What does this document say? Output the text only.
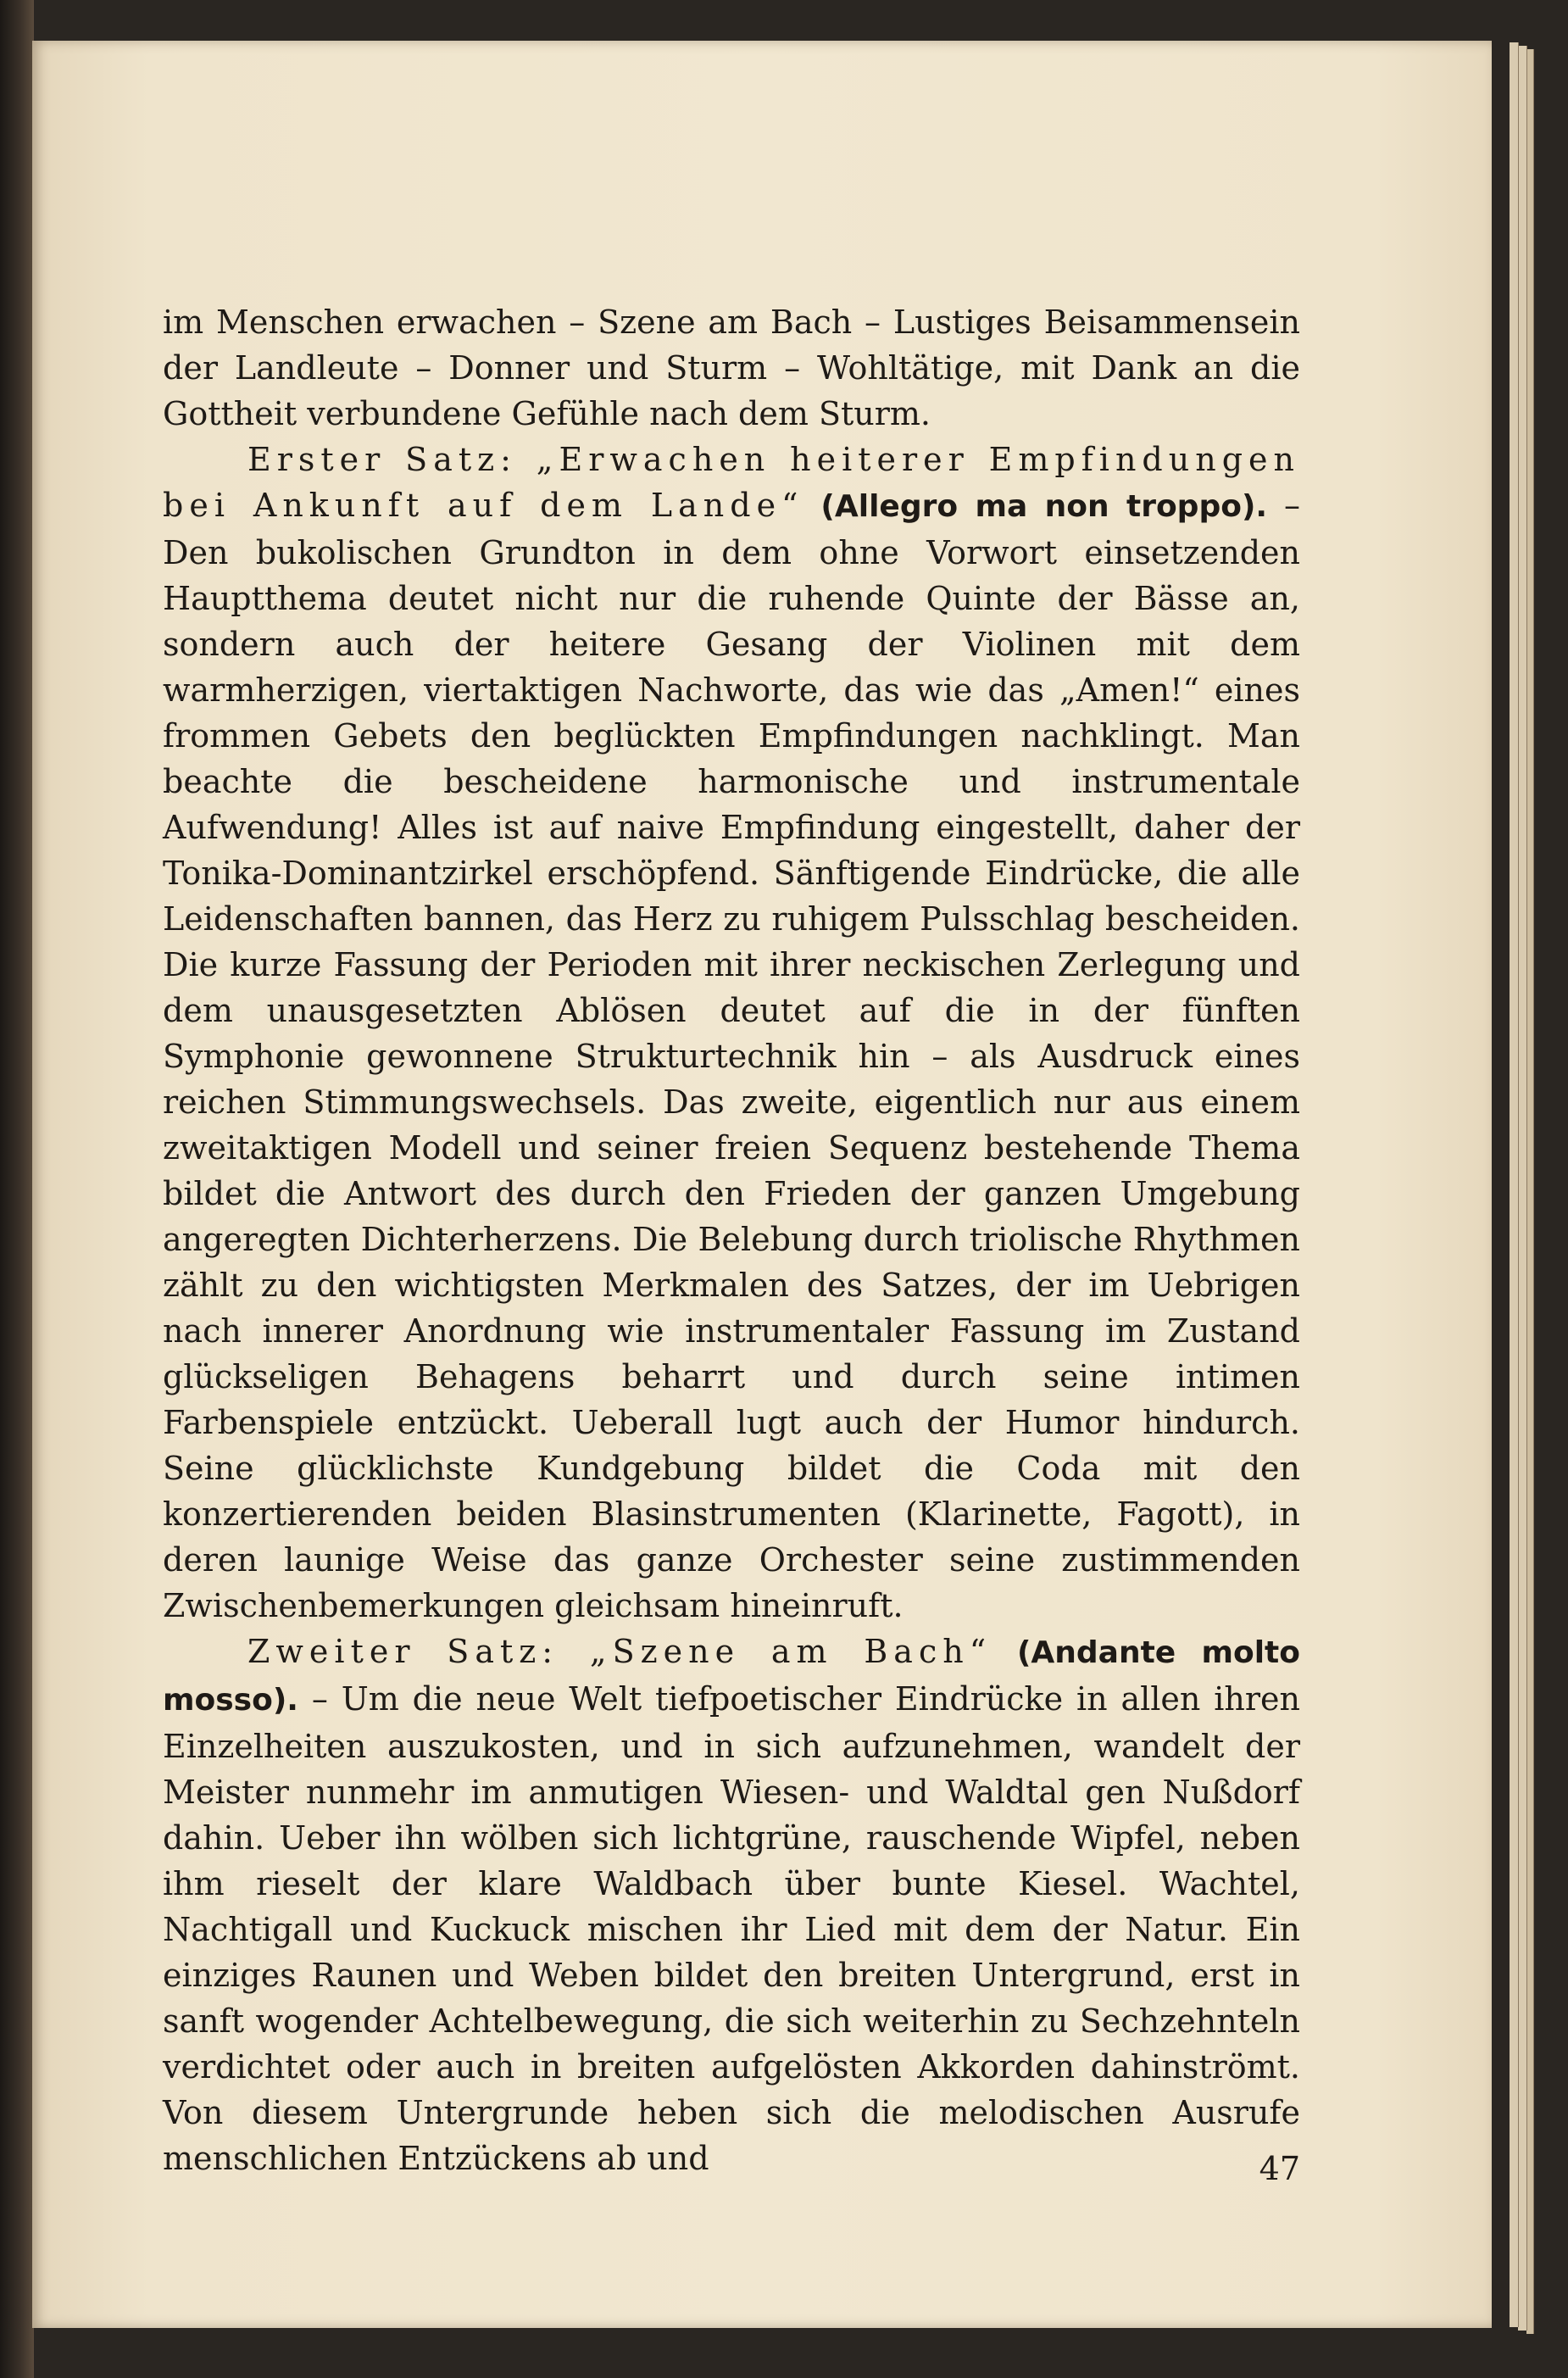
im Menschen erwachen – Szene am Bach – Lustiges Beisammensein der Landleute – Donner und Sturm – Wohltätige, mit Dank an die Gottheit verbundene Gefühle nach dem Sturm.

Erster Satz: „Erwachen heiterer Empfindungen bei Ankunft auf dem Lande“ (Allegro ma non troppo). – Den bukolischen Grundton in dem ohne Vorwort einsetzenden Hauptthema deutet nicht nur die ruhende Quinte der Bässe an, sondern auch der heitere Gesang der Violinen mit dem warmherzigen, viertaktigen Nachworte, das wie das „Amen!“ eines frommen Gebets den beglückten Empfindungen nachklingt. Man beachte die bescheidene harmonische und instrumentale Aufwendung! Alles ist auf naive Empfindung eingestellt, daher der Tonika-Dominantzirkel erschöpfend. Sänftigende Eindrücke, die alle Leidenschaften bannen, das Herz zu ruhigem Pulsschlag bescheiden. Die kurze Fassung der Perioden mit ihrer neckischen Zerlegung und dem unausgesetzten Ablösen deutet auf die in der fünften Symphonie gewonnene Strukturtechnik hin – als Ausdruck eines reichen Stimmungswechsels. Das zweite, eigentlich nur aus einem zweitaktigen Modell und seiner freien Sequenz bestehende Thema bildet die Antwort des durch den Frieden der ganzen Umgebung angeregten Dichterherzens. Die Belebung durch triolische Rhythmen zählt zu den wichtigsten Merkmalen des Satzes, der im Uebrigen nach innerer Anordnung wie instrumentaler Fassung im Zustand glückseligen Behagens beharrt und durch seine intimen Farbenspiele entzückt. Ueberall lugt auch der Humor hindurch. Seine glücklichste Kundgebung bildet die Coda mit den konzertierenden beiden Blasinstrumenten (Klarinette, Fagott), in deren launige Weise das ganze Orchester seine zustimmenden Zwischenbemerkungen gleichsam hineinruft.

Zweiter Satz: „Szene am Bach“ (Andante molto mosso). – Um die neue Welt tiefpoetischer Eindrücke in allen ihren Einzelheiten auszukosten, und in sich aufzunehmen, wandelt der Meister nunmehr im anmutigen Wiesen- und Waldtal gen Nußdorf dahin. Ueber ihn wölben sich lichtgrüne, rauschende Wipfel, neben ihm rieselt der klare Waldbach über bunte Kiesel. Wachtel, Nachtigall und Kuckuck mischen ihr Lied mit dem der Natur. Ein einziges Raunen und Weben bildet den breiten Untergrund, erst in sanft wogender Achtelbewegung, die sich weiterhin zu Sechzehnteln verdichtet oder auch in breiten aufgelösten Akkorden dahinströmt. Von diesem Untergrunde heben sich die melodischen Ausrufe menschlichen Entzückens ab und	47
